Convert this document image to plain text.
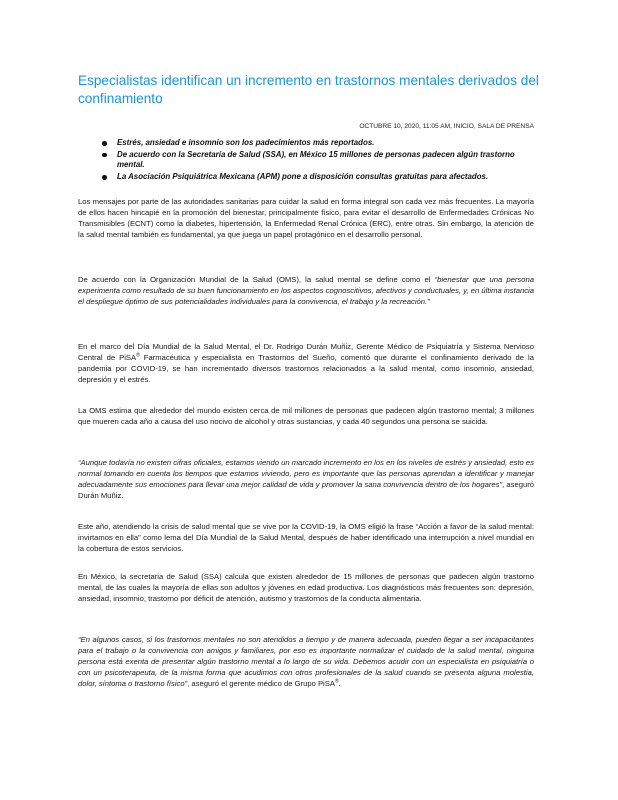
Especialistas identifican un incremento en trastornos mentales derivados del confinamiento
OCTUBRE 10, 2020, 11:05 AM, INICIO, SALA DE PRENSA
Estrés, ansiedad e insomnio son los padecimientos más reportados.
De acuerdo con la Secretaría de Salud (SSA), en México 15 millones de personas padecen algún trastorno mental.
La Asociación Psiquiátrica Mexicana (APM) pone a disposición consultas gratuitas para afectados.

Los mensajes por parte de las autoridades sanitarias para cuidar la salud en forma integral son cada vez más frecuentes. La mayoría de ellos hacen hincapié en la promoción del bienestar, principalmente físico, para evitar el desarrollo de Enfermedades Crónicas No Transmisibles (ECNT) como la diabetes, hipertensión, la Enfermedad Renal Crónica (ERC), entre otras. Sin embargo, la atención de la salud mental también es fundamental, ya que juega un papel protagónico en el desarrollo personal.

De acuerdo con la Organización Mundial de la Salud (OMS), la salud mental se define como el “bienestar que una persona experimenta como resultado de su buen funcionamiento en los aspectos cognoscitivos, afectivos y conductuales, y, en última instancia el despliegue óptimo de sus potencialidades individuales para la convivencia, el trabajo y la recreación.”

En el marco del Día Mundial de la Salud Mental, el Dr. Rodrigo Durán Muñiz, Gerente Médico de Psiquiatría y Sistema Nervioso Central de PiSA® Farmacéutica y especialista en Trastornos del Sueño, comentó que durante el confinamiento derivado de la pandemia por COVID-19, se han incrementado diversos trastornos relacionados a la salud mental, como insomnio, ansiedad, depresión y el estrés.

La OMS estima que alrededor del mundo existen cerca de mil millones de personas que padecen algún trastorno mental; 3 millones que mueren cada año a causa del uso nocivo de alcohol y otras sustancias, y cada 40 segundos una persona se suicida.

“Aunque todavía no existen cifras oficiales, estamos viendo un marcado incremento en los en los niveles de estrés y ansiedad, esto es normal tomando en cuenta los tiempos que estamos viviendo, pero es importante que las personas aprendan a identificar y manejar adecuadamente sus emociones para llevar una mejor calidad de vida y promover la sana convivencia dentro de los hogares”, aseguró Durán Muñiz.

Este año, atendiendo la crisis de salud mental que se vive por la COVID-19, la OMS eligió la frase “Acción a favor de la salud mental: invirtamos en ella” como lema del Día Mundial de la Salud Mental, después de haber identificado una interrupción a nivel mundial en la cobertura de estos servicios.

En México, la secretaria de Salud (SSA) calcula que existen alrededor de 15 millones de personas que padecen algún trastorno mental, de las cuales la mayoría de ellas son adultos y jóvenes en edad productiva. Los diagnósticos más frecuentes son: depresión, ansiedad, insomnio, trastorno por déficit de atención, autismo y trastornos de la conducta alimentaria.

“En algunos casos, si los trastornos mentales no son atendidos a tiempo y de manera adecuada, pueden llegar a ser incapacitantes para el trabajo o la convivencia con amigos y familiares, por eso es importante normalizar el cuidado de la salud mental, ninguna persona está exenta de presentar algún trastorno mental a lo largo de su vida. Debemos acudir con un especialista en psiquiatría o con un psicoterapeuta, de la misma forma que acudimos con otros profesionales de la salud cuando se presenta alguna molestia, dolor, síntoma o trastorno físico”, aseguró el gerente médico de Grupo PiSA®.
